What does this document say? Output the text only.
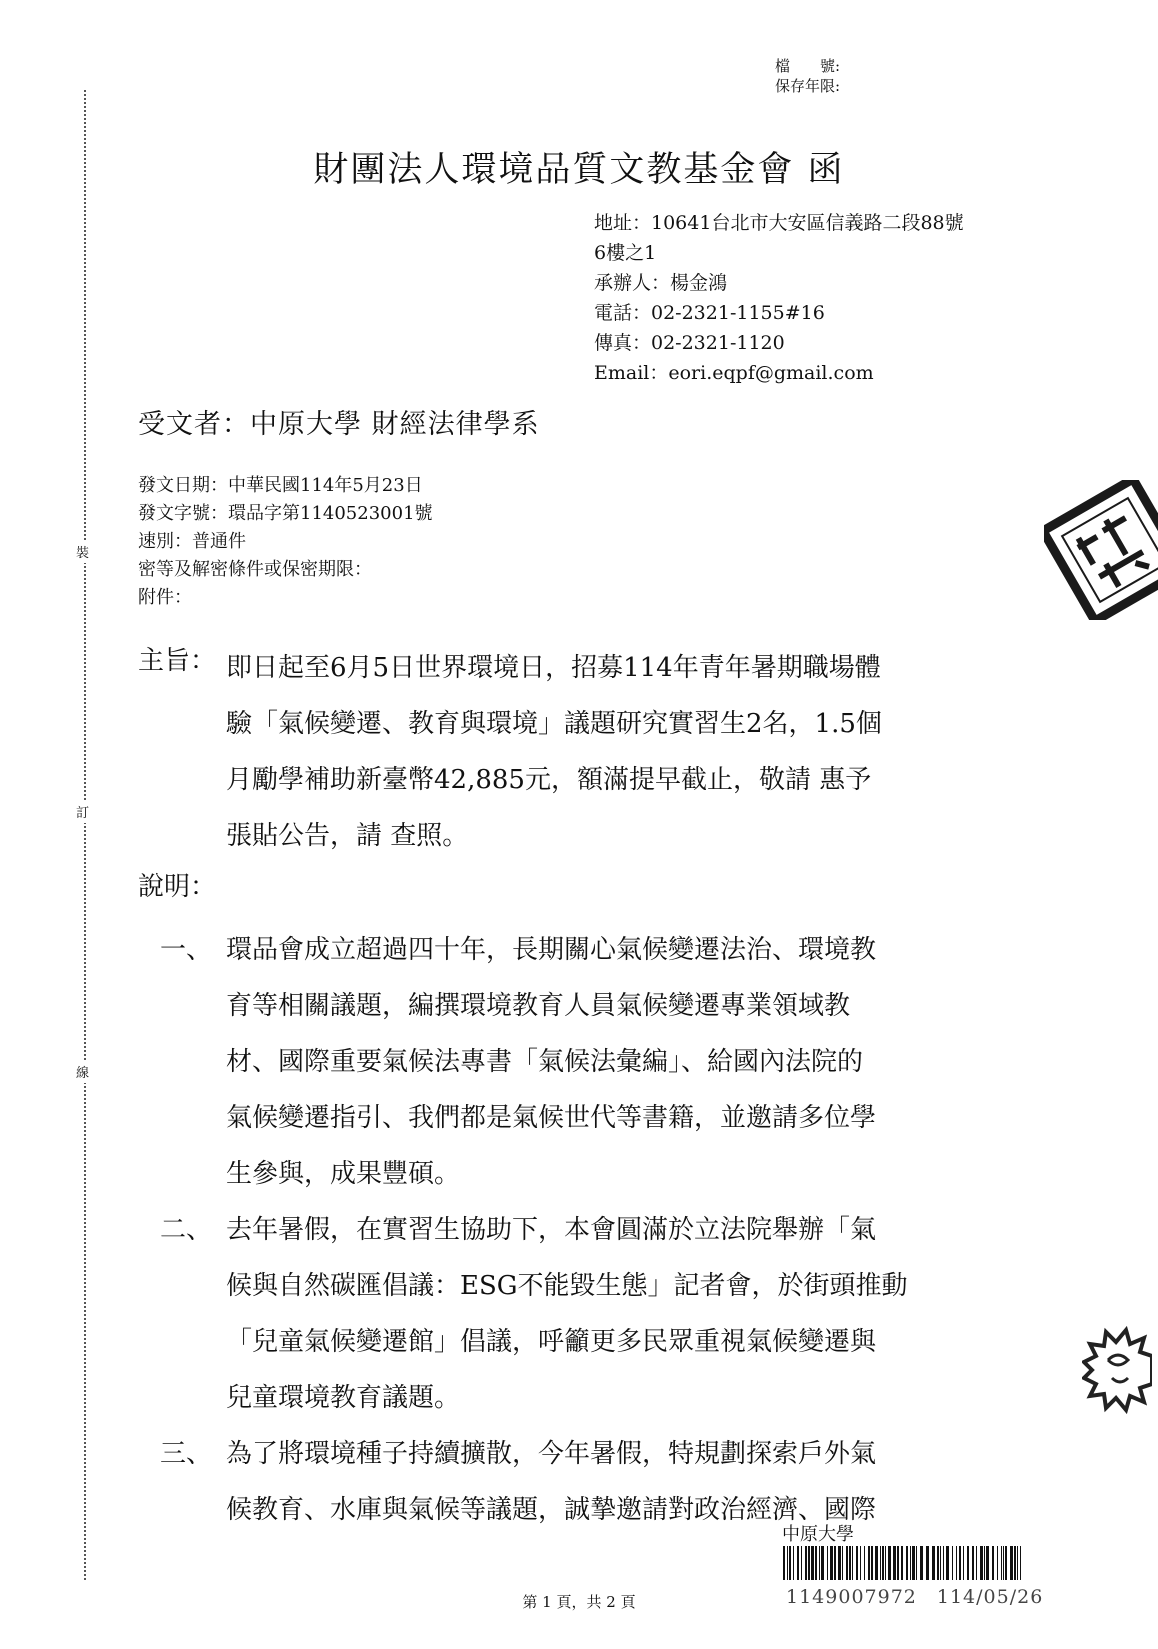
裝
訂
線
檔　　號:
保存年限:
財團法人環境品質文教基金會 函
地址：10641台北市大安區信義路二段88號
6樓之1
承辦人：楊金鴻
電話：02-2321-1155#16
傳真：02-2321-1120
Email：eori.eqpf@gmail.com
受文者：中原大學 財經法律學系
發文日期：中華民國114年5月23日
發文字號：環品字第1140523001號
速別：普通件
密等及解密條件或保密期限：
附件：
主旨： 即日起至6月5日世界環境日，招募114年青年暑期職場體
驗「氣候變遷、教育與環境」議題研究實習生2名，1.5個
月勵學補助新臺幣42,885元，額滿提早截止，敬請 惠予
張貼公告，請 查照。
說明：
一、 環品會成立超過四十年，長期關心氣候變遷法治、環境教
育等相關議題，編撰環境教育人員氣候變遷專業領域教
材、國際重要氣候法專書「氣候法彙編」、給國內法院的
氣候變遷指引、我們都是氣候世代等書籍，並邀請多位學
生參與，成果豐碩。
二、 去年暑假，在實習生協助下，本會圓滿於立法院舉辦「氣
候與自然碳匯倡議：ESG不能毀生態」記者會，於街頭推動
「兒童氣候變遷館」倡議，呼籲更多民眾重視氣候變遷與
兒童環境教育議題。
三、 為了將環境種子持續擴散，今年暑假，特規劃探索戶外氣
候教育、水庫與氣候等議題，誠摯邀請對政治經濟、國際
中原大學
1149007972　114/05/26
第 1 頁，共 2 頁
